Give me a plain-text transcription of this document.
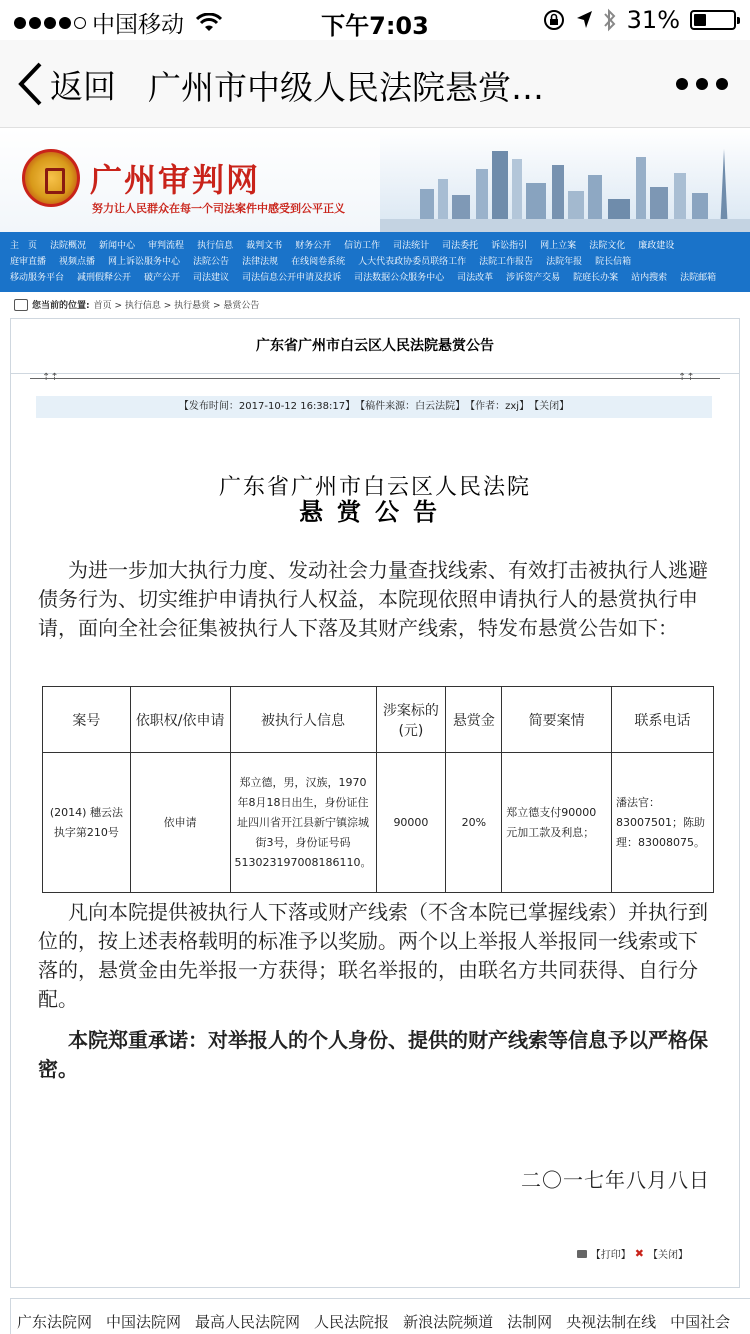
中国移动	下午7:03	31%
返回 广州市中级人民法院悬赏…
广州审判网
努力让人民群众在每一个司法案件中感受到公平正义
主　页 法院概况 新闻中心 审判流程 执行信息 裁判文书 财务公开 信访工作 司法统计 司法委托 诉讼指引 网上立案 法院文化 廉政建设
庭审直播 视频点播 网上诉讼服务中心 法院公告 法律法规 在线阅卷系统 人大代表政协委员联络工作 法院工作报告 法院年报 院长信箱
移动服务平台 减刑假释公开 破产公开 司法建议 司法信息公开申请及投诉 司法数据公众服务中心 司法改革 涉诉资产交易 院庭长办案 站内搜索 法院邮箱
您当前的位置: 首页 > 执行信息 > 执行悬赏 > 悬赏公告
广东省广州市白云区人民法院悬赏公告
⇡⇡	⇡⇡
【发布时间：2017-10-12 16:38:17】　【稿件来源：白云法院】　【作者：zxj】　【关闭】
广东省广州市白云区人民法院
悬赏公告
为进一步加大执行力度、发动社会力量查找线索、有效打击被执行人逃避债务行为、切实维护申请执行人权益，本院现依照申请执行人的悬赏执行申请，面向全社会征集被执行人下落及其财产线索，特发布悬赏公告如下：
案号	依职权/依申请	被执行人信息	涉案标的(元)	悬赏金	简要案情	联系电话
(2014) 穗云法执字第210号	依申请	郑立德，男，汉族，1970年8月18日出生，身份证住址四川省开江县新宁镇淙城街3号，身份证号码513023197008186110。	90000	20%	郑立德支付90000元加工款及利息；	潘法官：83007501；陈助理：83008075。
凡向本院提供被执行人下落或财产线索（不含本院已掌握线索）并执行到位的，按上述表格载明的标准予以奖励。两个以上举报人举报同一线索或下落的，悬赏金由先举报一方获得；联名举报的，由联名方共同获得、自行分配。
本院郑重承诺：对举报人的个人身份、提供的财产线索等信息予以严格保密。
二〇一七年八月八日
【打印】 ✖ 【关闭】
广东法院网 中国法院网 最高人民法院网 人民法院报 新浪法院频道 法制网 央视法制在线 中国社会
